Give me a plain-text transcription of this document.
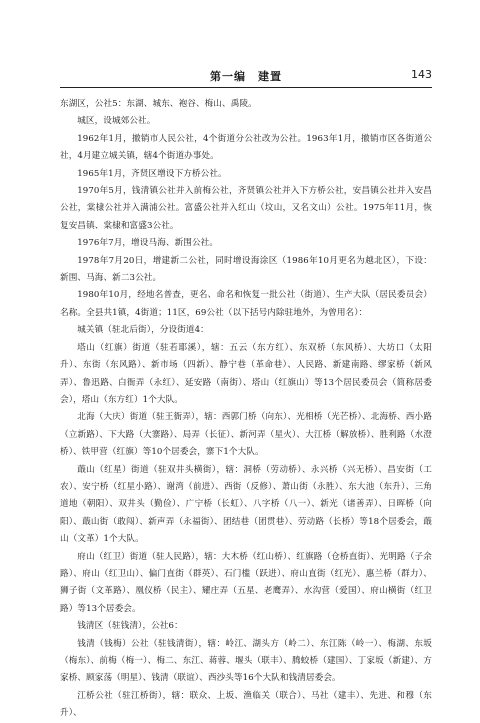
第一编　建置	143

东湖区，公社5：东湖、城东、袍谷、梅山、禹陵。

城区，设城郊公社。

1962年1月，撤销市人民公社，4个街道分公社改为公社。1963年1月，撤销市区各街道公社，4月建立城关镇，辖4个街道办事处。

1965年1月，齐贤区增设下方桥公社。

1970年5月，钱清镇公社并入前梅公社，齐贤镇公社并入下方桥公社，安昌镇公社并入安昌公社，棠棣公社并入满浦公社。富盛公社并入红山（坟山，又名文山）公社。1975年11月，恢复安昌镇、棠棣和富盛3公社。

1976年7月，增设马海、新围公社。

1978年7月20日，增建新二公社，同时增设海涂区（1986年10月更名为越北区），下设：新围、马海、新二3公社。

1980年10月，经地名普查，更名、命名和恢复一批公社（街道）、生产大队（居民委员会）名称。全县共1镇，4街道；11区，69公社（以下括号内除驻地外，为曾用名）：

城关镇（驻北后街），分设街道4：

塔山（红旗）街道（驻若耶溪），辖：五云（东方红）、东双桥（东风桥）、大坊口（太阳升）、东街（东风路）、新市场（四新）、静宁巷（革命巷）、人民路、新建南路、缪家桥（新风弄）、鲁迅路、白衙弄（永红）、延安路（南街）、塔山（红旗山）等13个居民委员会（简称居委会），塔山（东方红）1个大队。

北海（大庆）街道（驻王衙弄），辖：西郭门桥（向东）、光相桥（光芒桥）、北海桥、西小路（立新路）、下大路（大寨路）、局弄（长征）、新河弄（星火）、大江桥（解放桥）、胜利路（水澄桥）、铁甲营（红旗）等10个居委会，寨下1个大队。

蕺山（红星）街道（驻双井头横街），辖：洞桥（劳动桥）、永兴桥（兴无桥）、昌安街（工农）、安宁桥（红星小路）、谢湾（前进）、西街（反修）、萧山街（永胜）、东大池（东升）、三角道地（朝阳）、双井头（勤俭）、广宁桥（长虹）、八字桥（八一）、新光（诸善弄）、日晖桥（向阳）、蕺山街（敢闯）、新声弄（永福街）、团结巷（团贯巷）、劳动路（长桥）等18个居委会，蕺山（文革）1个大队。

府山（红卫）街道（驻人民路），辖：大木桥（红山桥）、红旗路（仓桥直街）、光明路（子余路）、府山（红卫山）、偏门直街（群英）、石门槛（跃进）、府山直街（红光）、惠兰桥（群力）、狮子街（文革路）、凰仪桥（民主）、耀庄弄（五星、老鹰弄）、水沟营（爱国）、府山横街（红卫路）等13个居委会。

钱清区（驻钱清），公社6：

钱清（钱梅）公社（驻钱清街），辖：岭江、湖头方（岭二）、东江陈（岭一）、梅湖、东坂（梅东）、前梅（梅一）、梅二、东江、蒋蓉、堰头（联丰）、腾蛟桥（建国）、丁家坂（新建）、方家桥、顾家荡（明星）、钱清（联谊）、西沙头等16个大队和钱清居委会。

江桥公社（驻江桥街），辖：联众、上坂、渔临关（联合）、马社（建丰）、先进、和穆（东升）、
